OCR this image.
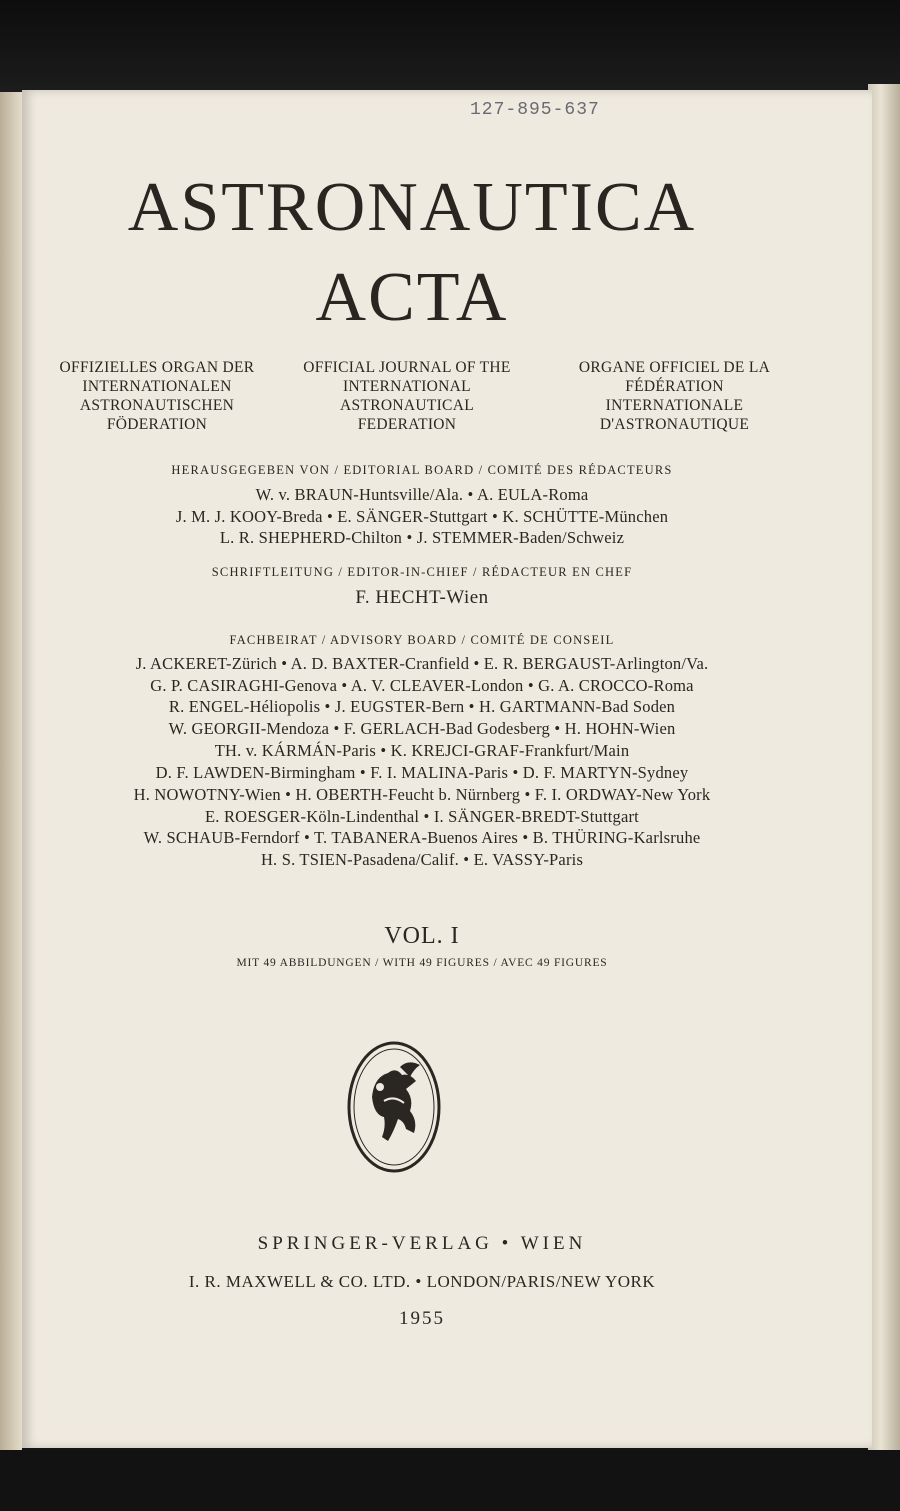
127-895-637
ASTRONAUTICA
ACTA
OFFIZIELLES ORGAN DER
INTERNATIONALEN
ASTRONAUTISCHEN
FÖDERATION
OFFICIAL JOURNAL OF THE
INTERNATIONAL
ASTRONAUTICAL
FEDERATION
ORGANE OFFICIEL DE LA
FÉDÉRATION
INTERNATIONALE
D'ASTRONAUTIQUE
HERAUSGEGEBEN VON / EDITORIAL BOARD / COMITÉ DES RÉDACTEURS
W. v. BRAUN-Huntsville/Ala. • A. EULA-Roma
J. M. J. KOOY-Breda • E. SÄNGER-Stuttgart • K. SCHÜTTE-München
L. R. SHEPHERD-Chilton • J. STEMMER-Baden/Schweiz
SCHRIFTLEITUNG / EDITOR-IN-CHIEF / RÉDACTEUR EN CHEF
F. HECHT-Wien
FACHBEIRAT / ADVISORY BOARD / COMITÉ DE CONSEIL
J. ACKERET-Zürich • A. D. BAXTER-Cranfield • E. R. BERGAUST-Arlington/Va.
G. P. CASIRAGHI-Genova • A. V. CLEAVER-London • G. A. CROCCO-Roma
R. ENGEL-Héliopolis • J. EUGSTER-Bern • H. GARTMANN-Bad Soden
W. GEORGII-Mendoza • F. GERLACH-Bad Godesberg • H. HOHN-Wien
TH. v. KÁRMÁN-Paris • K. KREJCI-GRAF-Frankfurt/Main
D. F. LAWDEN-Birmingham • F. I. MALINA-Paris • D. F. MARTYN-Sydney
H. NOWOTNY-Wien • H. OBERTH-Feucht b. Nürnberg • F. I. ORDWAY-New York
E. ROESGER-Köln-Lindenthal • I. SÄNGER-BREDT-Stuttgart
W. SCHAUB-Ferndorf • T. TABANERA-Buenos Aires • B. THÜRING-Karlsruhe
H. S. TSIEN-Pasadena/Calif. • E. VASSY-Paris
VOL. I
MIT 49 ABBILDUNGEN / WITH 49 FIGURES / AVEC 49 FIGURES
SPRINGER-VERLAG • WIEN
I. R. MAXWELL & CO. LTD. • LONDON/PARIS/NEW YORK
1955
